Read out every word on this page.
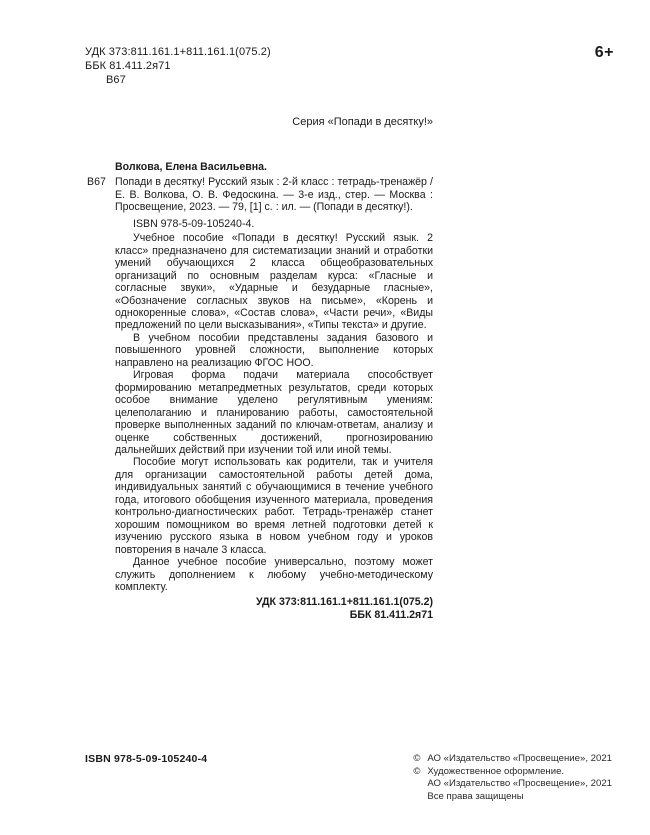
УДК 373:811.161.1+811.161.1(075.2)
ББК 81.411.2я71
В67
6+
Серия «Попади в десятку!»
Волкова, Елена Васильевна.
В67 Попади в десятку! Русский язык : 2-й класс : тетрадь-тренажёр / Е. В. Волкова, О. В. Федоскина. — 3-е изд., стер. — Москва : Просвещение, 2023. — 79, [1] с. : ил. — (Попади в десятку!).
ISBN 978-5-09-105240-4.

Учебное пособие «Попади в десятку! Русский язык. 2 класс» предназначено для систематизации знаний и отработки умений обучающихся 2 класса общеобразовательных организаций по основным разделам курса: «Гласные и согласные звуки», «Ударные и безударные гласные», «Обозначение согласных звуков на письме», «Корень и однокоренные слова», «Состав слова», «Части речи», «Виды предложений по цели высказывания», «Типы текста» и другие.

В учебном пособии представлены задания базового и повышенного уровней сложности, выполнение которых направлено на реализацию ФГОС НОО.

Игровая форма подачи материала способствует формированию метапредметных результатов, среди которых особое внимание уделено регулятивным умениям: целеполаганию и планированию работы, самостоятельной проверке выполненных заданий по ключам-ответам, анализу и оценке собственных достижений, прогнозированию дальнейших действий при изучении той или иной темы.

Пособие могут использовать как родители, так и учителя для организации самостоятельной работы детей дома, индивидуальных занятий с обучающимися в течение учебного года, итогового обобщения изученного материала, проведения контрольно-диагностических работ. Тетрадь-тренажёр станет хорошим помощником во время летней подготовки детей к изучению русского языка в новом учебном году и уроков повторения в начале 3 класса.

Данное учебное пособие универсально, поэтому может служить дополнением к любому учебно-методическому комплекту.

УДК 373:811.161.1+811.161.1(075.2)
ББК 81.411.2я71
ISBN 978-5-09-105240-4	© АО «Издательство «Просвещение», 2021
© Художественное оформление.
АО «Издательство «Просвещение», 2021
Все права защищены
